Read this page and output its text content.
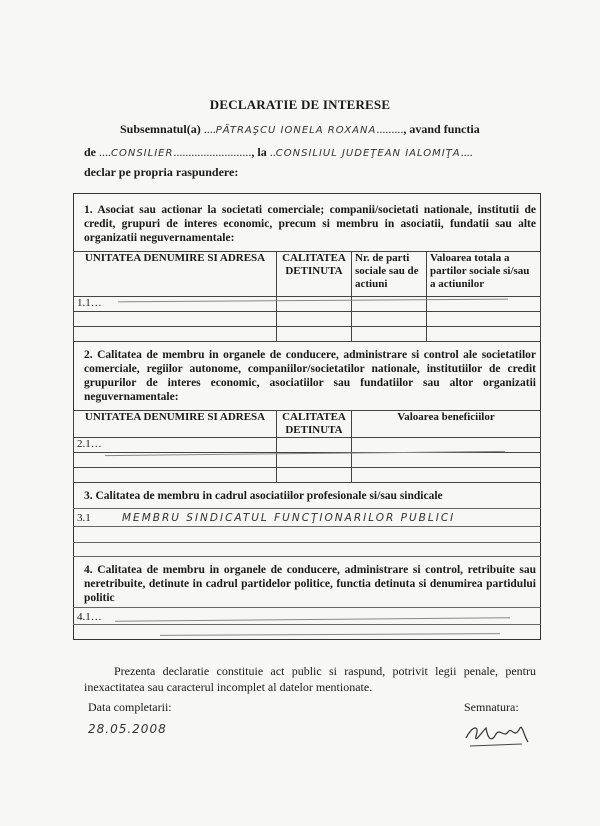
DECLARATIE DE INTERESE
Subsemnatul(a) ....PĂTRAŞCU IONELA ROXANA........., avand functia
de ....CONSILIER.........................., la ..CONSILIUL JUDEŢEAN IALOMIŢA....
declar pe propria raspundere:
1. Asociat sau actionar la societati comerciale; companii/societati nationale, institutii de credit, grupuri de interes economic, precum si membru in asociatii, fundatii sau alte organizatii neguvernamentale:
UNITATEA DENUMIRE SI ADRESA	CALITATEA DETINUTA	Nr. de parti sociale sau de actiuni	Valoarea totala a partilor sociale si/sau a actiunilor
1.1…			

2. Calitatea de membru in organele de conducere, administrare si control ale societatilor comerciale, regiilor autonome, companiilor/societatilor nationale, institutiilor de credit grupurilor de interes economic, asociatiilor sau fundatiilor sau altor organizatii neguvernamentale:
UNITATEA DENUMIRE SI ADRESA	CALITATEA DETINUTA	Valoarea beneficiilor
2.1…		

3. Calitatea de membru in cadrul asociatiilor profesionale si/sau sindicale
3.1	MEMBRU SINDICATUL FUNCŢIONARILOR PUBLICI
4. Calitatea de membru in organele de conducere, administrare si control, retribuite sau neretribuite, detinute in cadrul partidelor politice, functia detinuta si denumirea partidului politic
4.1…
Prezenta declaratie constituie act public si raspund, potrivit legii penale, pentru inexactitatea sau caracterul incomplet al datelor mentionate.
Data completarii:
28.05.2008
Semnatura:
